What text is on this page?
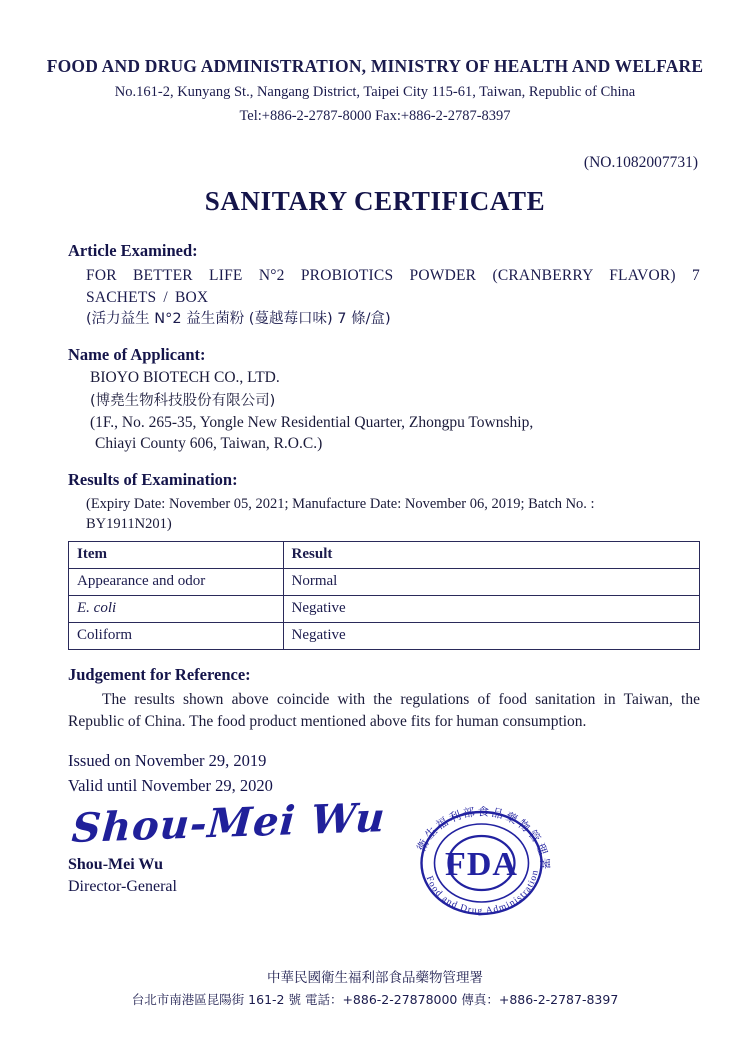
FOOD AND DRUG ADMINISTRATION, MINISTRY OF HEALTH AND WELFARE
No.161-2, Kunyang St., Nangang District, Taipei City 115-61, Taiwan, Republic of China
Tel:+886-2-2787-8000 Fax:+886-2-2787-8397
(NO.1082007731)
SANITARY CERTIFICATE
Article Examined:
FOR BETTER LIFE N°2 PROBIOTICS POWDER (CRANBERRY FLAVOR) 7 SACHETS / BOX
(活力益生 N°2 益生菌粉 (蔓越莓口味) 7 條/盒)
Name of Applicant:
BIOYO BIOTECH CO., LTD.
(博堯生物科技股份有限公司)
(1F., No. 265-35, Yongle New Residential Quarter, Zhongpu Township,
Chiayi County 606, Taiwan, R.O.C.)
Results of Examination:
(Expiry Date: November 05, 2021; Manufacture Date: November 06, 2019; Batch No. :
BY1911N201)
Item	Result
Appearance and odor	Normal
E. coli	Negative
Coliform	Negative
Judgement for Reference:
The results shown above coincide with the regulations of food sanitation in Taiwan, the Republic of China. The food product mentioned above fits for human consumption.
Issued on November 29, 2019
Valid until November 29, 2020
Shou-Mei Wu
Shou-Mei Wu
Director-General
衛生福利部食品藥物管理署
Food and Drug Administration
FDA
中華民國衛生福利部食品藥物管理署
台北市南港區昆陽街 161-2 號 電話：+886-2-27878000 傳真：+886-2-2787-8397
